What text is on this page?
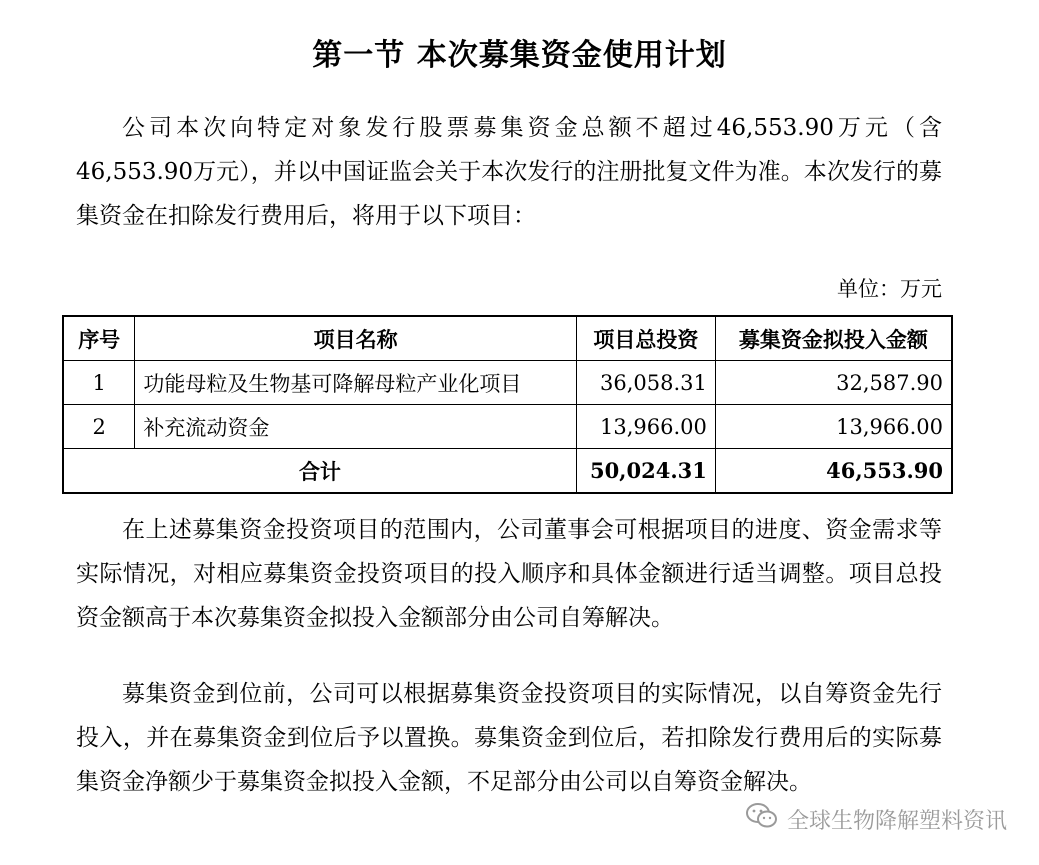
第一节 本次募集资金使用计划
公司本次向特定对象发行股票募集资金总额不超过46,553.90万元（含46,553.90万元），并以中国证监会关于本次发行的注册批复文件为准。本次发行的募集资金在扣除发行费用后，将用于以下项目：
单位：万元
序号	项目名称	项目总投资	募集资金拟投入金额
1	功能母粒及生物基可降解母粒产业化项目	36,058.31	32,587.90
2	补充流动资金	13,966.00	13,966.00
合计		50,024.31	46,553.90
在上述募集资金投资项目的范围内，公司董事会可根据项目的进度、资金需求等实际情况，对相应募集资金投资项目的投入顺序和具体金额进行适当调整。项目总投资金额高于本次募集资金拟投入金额部分由公司自筹解决。
募集资金到位前，公司可以根据募集资金投资项目的实际情况，以自筹资金先行投入，并在募集资金到位后予以置换。募集资金到位后，若扣除发行费用后的实际募集资金净额少于募集资金拟投入金额，不足部分由公司以自筹资金解决。
全球生物降解塑料资讯
